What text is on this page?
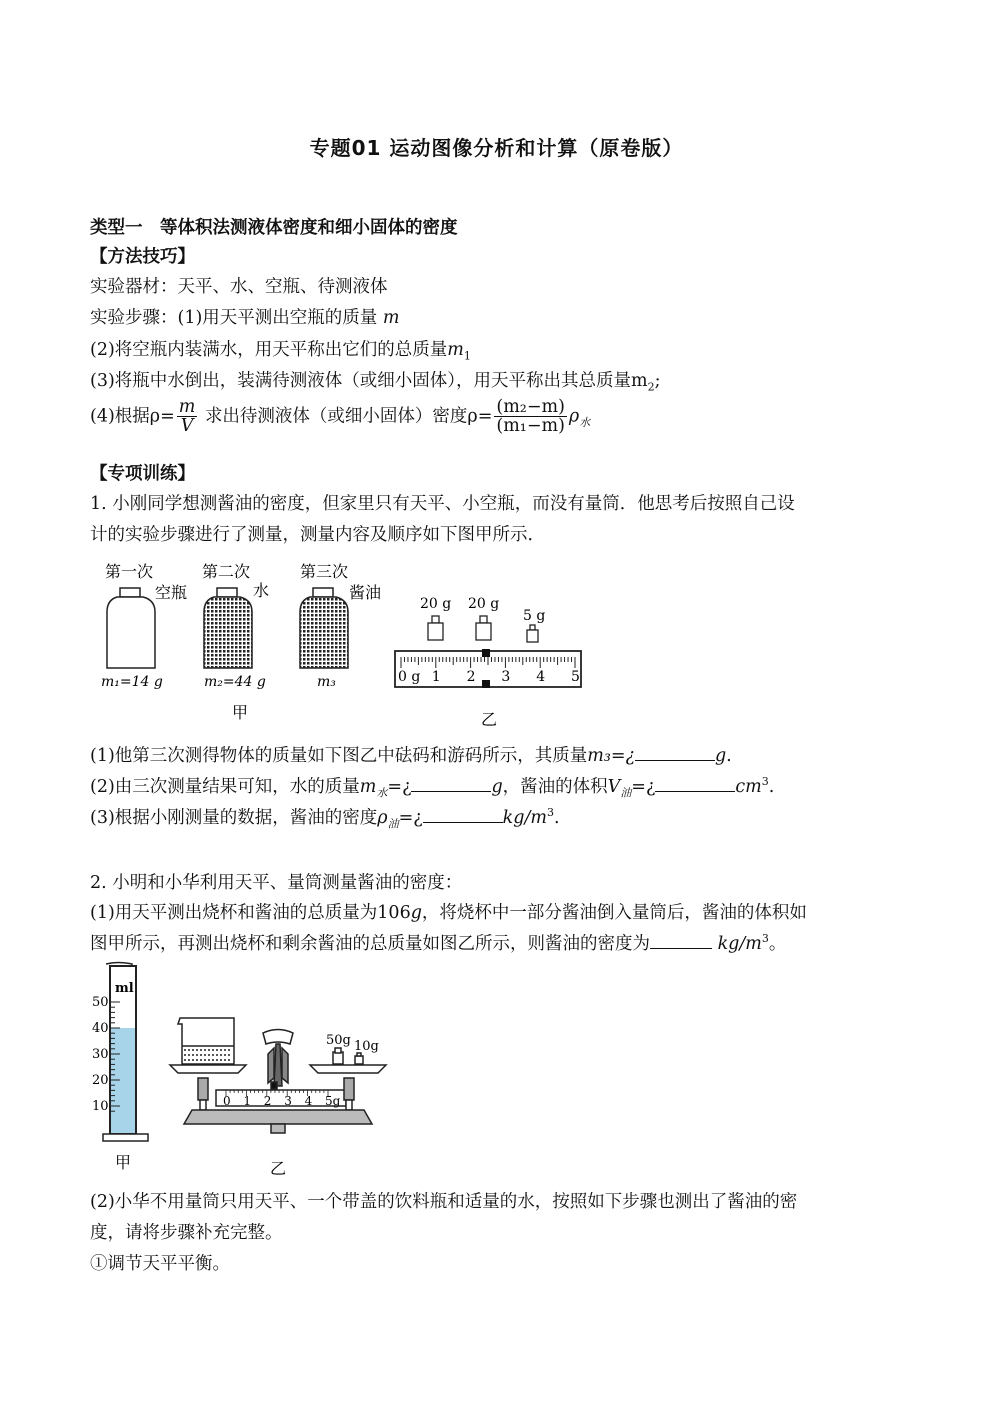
专题01 运动图像分析和计算（原卷版）
类型一　等体积法测液体密度和细小固体的密度
【方法技巧】
实验器材：天平、水、空瓶、待测液体
实验步骤：(1)用天平测出空瓶的质量 m
(2)将空瓶内装满水，用天平称出它们的总质量$m_1$
(3)将瓶中水倒出，装满待测液体（或细小固体），用天平称出其总质量$m_2$;
(4)根据$\rho= \frac{m}{V}$ 求出待测液体（或细小固体）密度$\rho= \frac{\text{(m₂−m)}}{\text{(m₁−m)}} \rho_水$
【专项训练】
1. 小刚同学想测酱油的密度，但家里只有天平、小空瓶，而没有量筒．他思考后按照自己设
计的实验步骤进行了测量，测量内容及顺序如下图甲所示．
第一次	第二次	第三次
空瓶	水	酱油
m₁=14 g	m₂=44 g	m₃
甲
20 g 20 g
5 g
0 g 1 2 3 4 5
乙
(1)他第三次测得物体的质量如下图乙中砝码和游码所示，其质量m₃=¿	g.
(2)由三次测量结果可知，水的质量$m_水=¿$	g，酱油的体积$V_油=¿$	$cm^3$.
(3)根据小刚测量的数据，酱油的密度$\rho_油=¿$	$kg/m^3$.
2. 小明和小华利用天平、量筒测量酱油的密度：
(1)用天平测出烧杯和酱油的总质量为106g，将烧杯中一部分酱油倒入量筒后，酱油的体积如
图甲所示，再测出烧杯和剩余酱油的总质量如图乙所示，则酱油的密度为	$kg/m^3$。
ml
50
40
30
20
10
甲
0 1 2 3 4 5g
50g 10g
乙
(2)小华不用量筒只用天平、一个带盖的饮料瓶和适量的水，按照如下步骤也测出了酱油的密
度，请将步骤补充完整。
①调节天平平衡。
